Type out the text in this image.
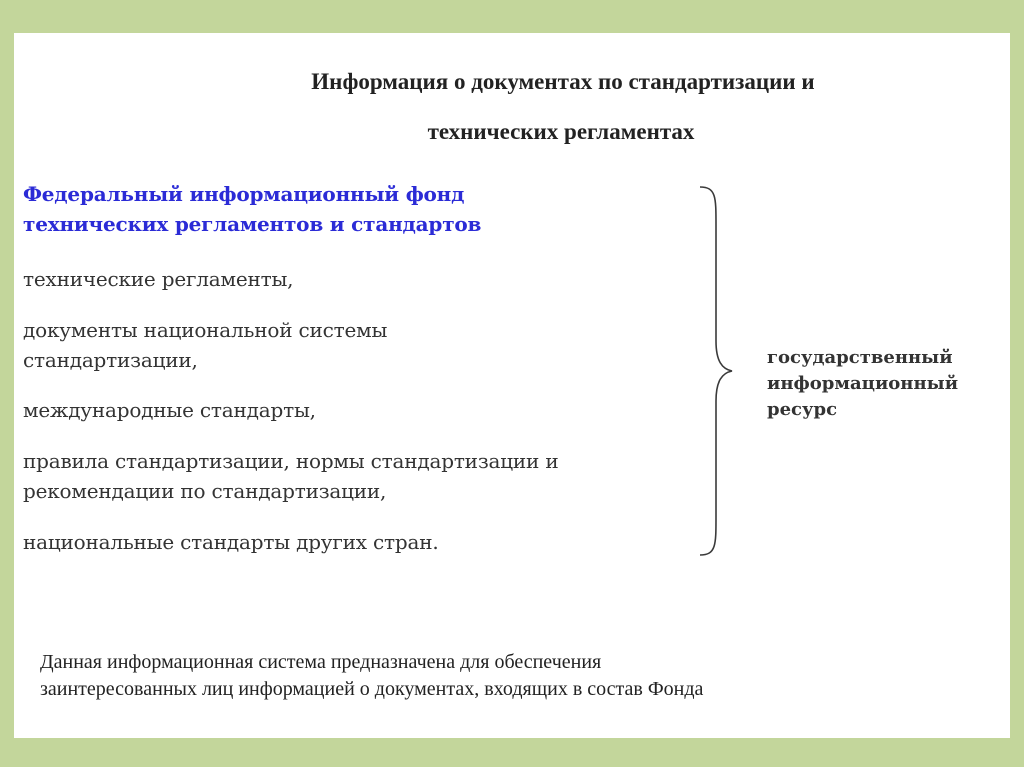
Информация о документах по стандартизации и
технических регламентах
Федеральный информационный фонд
технических регламентов и стандартов
технические регламенты,
документы национальной системы
стандартизации,
международные стандарты,
правила стандартизации, нормы стандартизации и
рекомендации по стандартизации,
национальные стандарты других стран.
государственный
информационный
ресурс
Данная информационная система предназначена для обеспечения
заинтересованных лиц информацией о документах, входящих в состав Фонда
